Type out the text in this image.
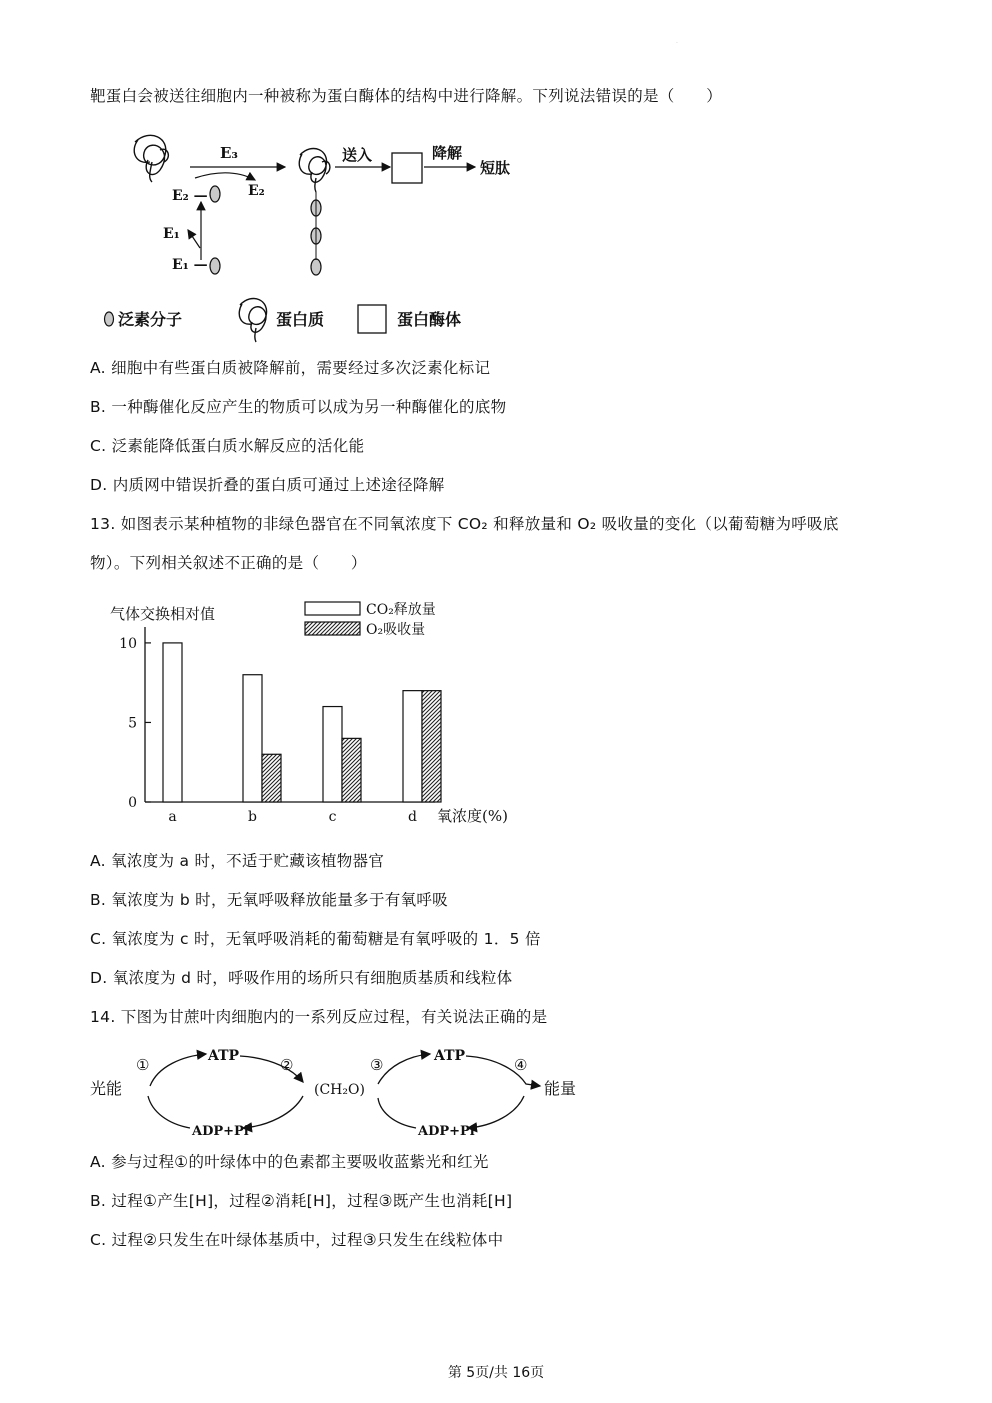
·
靶蛋白会被送往细胞内一种被称为蛋白酶体的结构中进行降解。下列说法错误的是（　　）
E₃
E₂
E₂ —
E₁
E₁ —
送入	降解
短肽
泛素分子	蛋白质	蛋白酶体
A. 细胞中有些蛋白质被降解前，需要经过多次泛素化标记
B. 一种酶催化反应产生的物质可以成为另一种酶催化的底物
C. 泛素能降低蛋白质水解反应的活化能
D. 内质网中错误折叠的蛋白质可通过上述途径降解
13. 如图表示某种植物的非绿色器官在不同氧浓度下 CO₂ 和释放量和 O₂ 吸收量的变化（以葡萄糖为呼吸底
物）。下列相关叙述不正确的是（　　）
气体交换相对值
氧浓度(%)
0
5
10
a	b	c	d
CO₂释放量
O₂吸收量
A. 氧浓度为 a 时，不适于贮藏该植物器官
B. 氧浓度为 b 时，无氧呼吸释放能量多于有氧呼吸
C. 氧浓度为 c 时，无氧呼吸消耗的葡萄糖是有氧呼吸的 1．5 倍
D. 氧浓度为 d 时，呼吸作用的场所只有细胞质基质和线粒体
14. 下图为甘蔗叶肉细胞内的一系列反应过程，有关说法正确的是
光能
①	ATP	②
ADP+Pi
(CH₂O)
③	ATP	④
能量
ADP+Pi
A. 参与过程①的叶绿体中的色素都主要吸收蓝紫光和红光
B. 过程①产生[H]，过程②消耗[H]，过程③既产生也消耗[H]
C. 过程②只发生在叶绿体基质中，过程③只发生在线粒体中
第 5页/共 16页
